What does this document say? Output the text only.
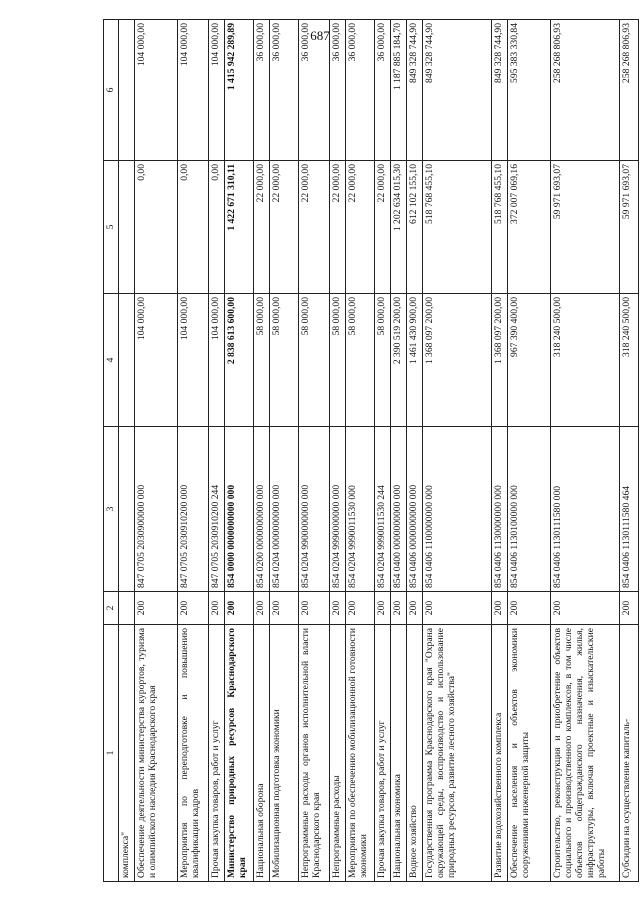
687
1	2	3	4	5	6
комплекса"					
Обеспечение деятельности министерства курортов, туризма и олимпийского наследия Краснодарского края	200	847 0705 2030900000 000	104 000,00	0,00	104 000,00
Мероприятия по переподготовке и повышению квалификации кадров	200	847 0705 2030910200 000	104 000,00	0,00	104 000,00
Прочая закупка товаров, работ и услуг	200	847 0705 2030910200 244	104 000,00	0,00	104 000,00
Министерство природных ресурсов Краснодарского края	200	854 0000 0000000000 000	2 838 613 600,00	1 422 671 310,11	1 415 942 289,89
Национальная оборона	200	854 0200 0000000000 000	58 000,00	22 000,00	36 000,00
Мобилизационная подготовка экономики	200	854 0204 0000000000 000	58 000,00	22 000,00	36 000,00
Непрограммные расходы органов исполнительной власти Краснодарского края	200	854 0204 9900000000 000	58 000,00	22 000,00	36 000,00
Непрограммные расходы	200	854 0204 9990000000 000	58 000,00	22 000,00	36 000,00
Мероприятия по обеспечению мобилизационной готовности экономики	200	854 0204 9990011530 000	58 000,00	22 000,00	36 000,00
Прочая закупка товаров, работ и услуг	200	854 0204 9990011530 244	58 000,00	22 000,00	36 000,00
Национальная экономика	200	854 0400 0000000000 000	2 390 519 200,00	1 202 634 015,30	1 187 885 184,70
Водное хозяйство	200	854 0406 0000000000 000	1 461 430 900,00	612 102 155,10	849 328 744,90
Государственная программа Краснодарского края "Охрана окружающей среды, воспроизводство и использование природных ресурсов, развитие лесного хозяйства"	200	854 0406 1100000000 000	1 368 097 200,00	518 768 455,10	849 328 744,90
Развитие водохозяйственного комплекса	200	854 0406 1130000000 000	1 368 097 200,00	518 768 455,10	849 328 744,90
Обеспечение населения и объектов экономики сооружениями инженерной защиты	200	854 0406 1130100000 000	967 390 400,00	372 007 069,16	595 383 330,84
Строительство, реконструкция и приобретение объектов социального и производственного комплексов, в том числе объектов общегражданского назначения, жилья, инфраструктуры, включая проектные и изыскательские работы	200	854 0406 1130111580 000	318 240 500,00	59 971 693,07	258 268 806,93
Субсидии на осуществление капиталь-	200	854 0406 1130111580 464	318 240 500,00	59 971 693,07	258 268 806,93
